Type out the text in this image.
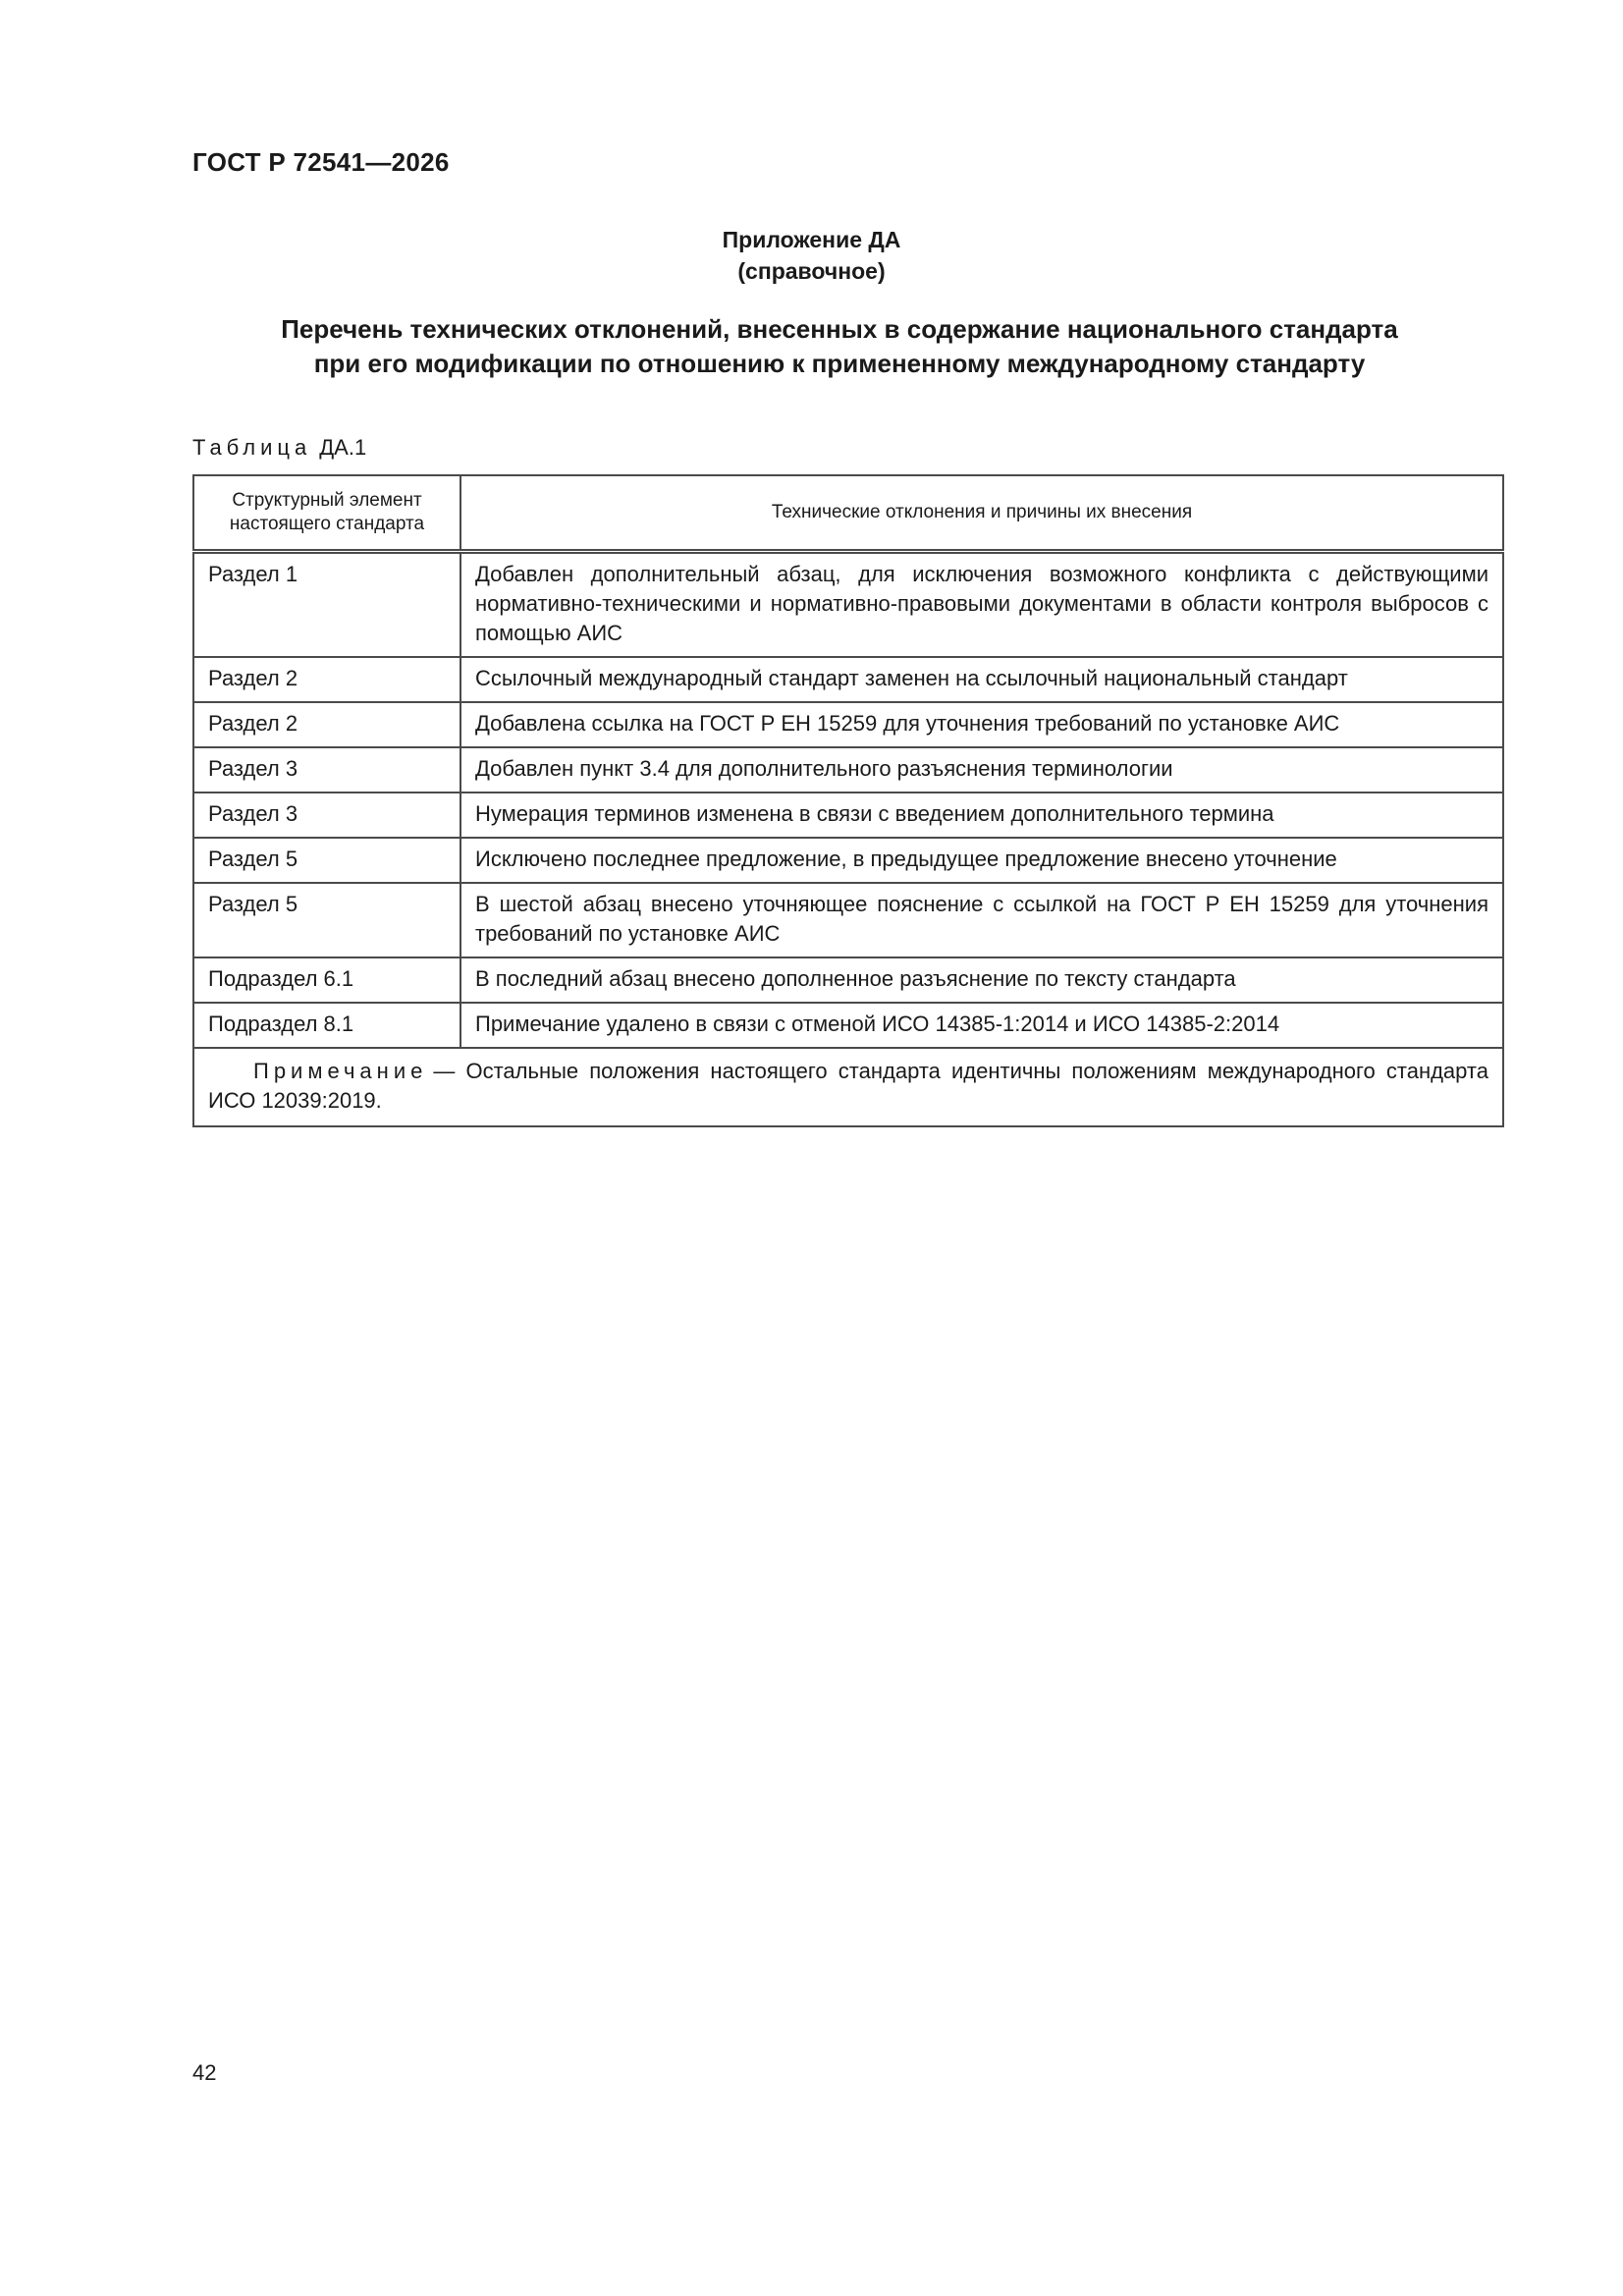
ГОСТ Р 72541—2026
Приложение ДА
(справочное)
Перечень технических отклонений, внесенных в содержание национального стандарта
при его модификации по отношению к примененному международному стандарту
Таблица ДА.1
Структурный элемент
настоящего стандарта	Технические отклонения и причины их внесения
Раздел 1	Добавлен дополнительный абзац, для исключения возможного конфликта с действующими нормативно-техническими и нормативно-правовыми документами в области контроля выбросов с помощью АИС
Раздел 2	Ссылочный международный стандарт заменен на ссылочный национальный стандарт
Раздел 2	Добавлена ссылка на ГОСТ Р ЕН 15259 для уточнения требований по установке АИС
Раздел 3	Добавлен пункт 3.4 для дополнительного разъяснения терминологии
Раздел 3	Нумерация терминов изменена в связи с введением дополнительного термина
Раздел 5	Исключено последнее предложение, в предыдущее предложение внесено уточнение
Раздел 5	В шестой абзац внесено уточняющее пояснение с ссылкой на ГОСТ Р ЕН 15259 для уточнения требований по установке АИС
Подраздел 6.1	В последний абзац внесено дополненное разъяснение по тексту стандарта
Подраздел 8.1	Примечание удалено в связи с отменой ИСО 14385-1:2014 и ИСО 14385-2:2014
Примечание — Остальные положения настоящего стандарта идентичны положениям международного стандарта ИСО 12039:2019.	
42
